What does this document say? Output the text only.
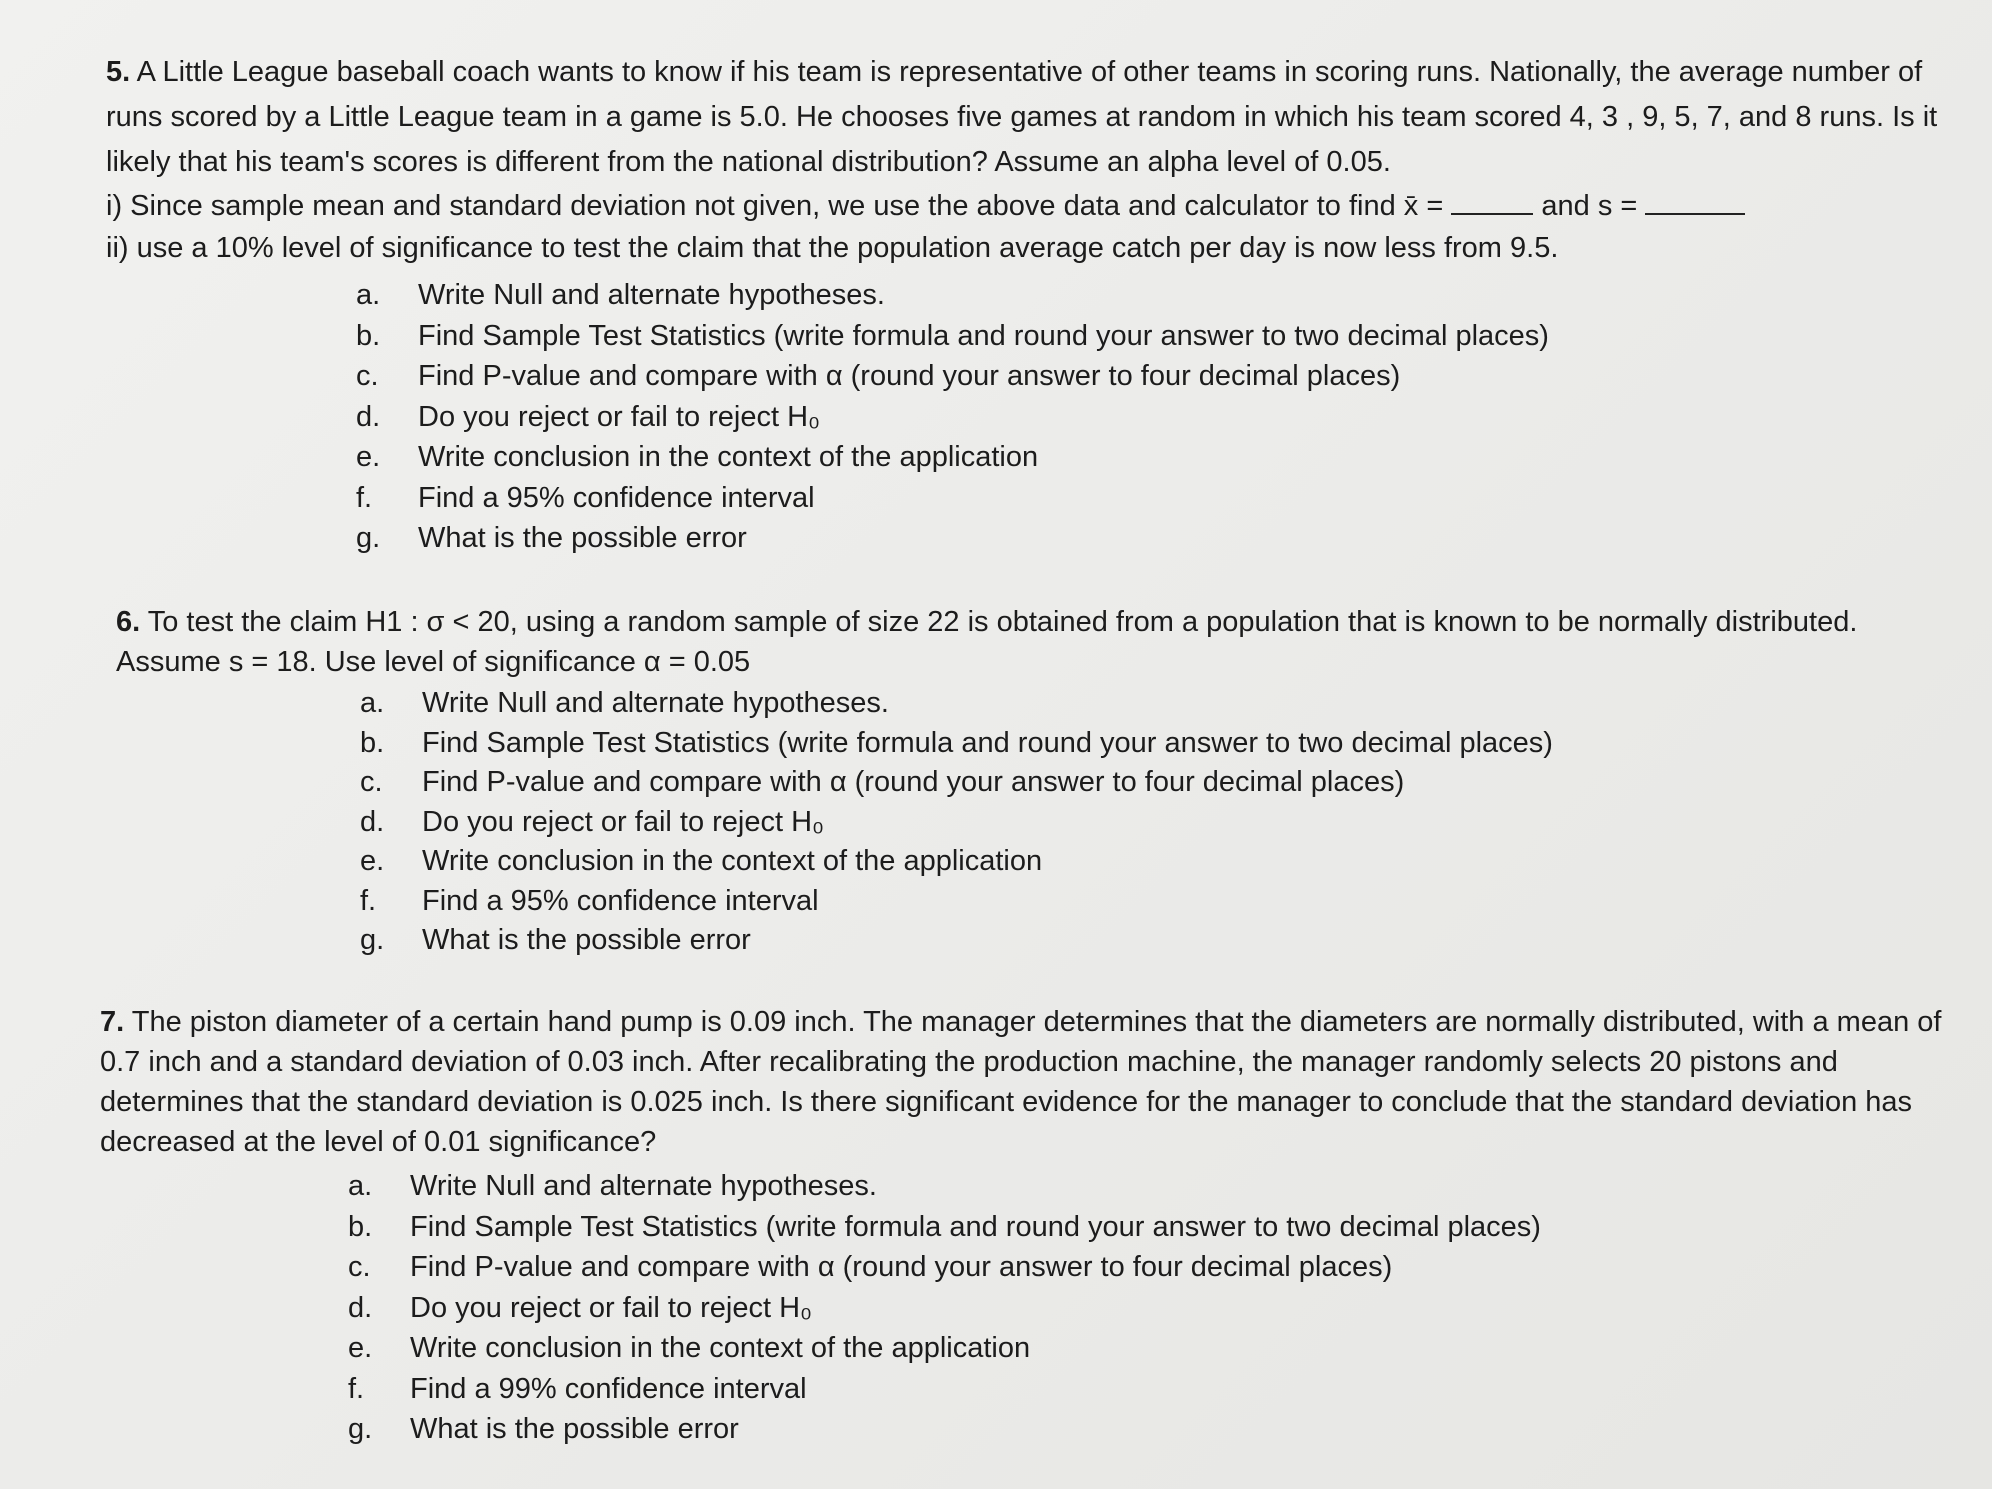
5. A Little League baseball coach wants to know if his team is representative of other teams in scoring runs. Nationally, the average number of runs scored by a Little League team in a game is 5.0. He chooses five games at random in which his team scored 4, 3 , 9, 5, 7, and 8 runs. Is it likely that his team's scores is different from the national distribution? Assume an alpha level of 0.05.

i) Since sample mean and standard deviation not given, we use the above data and calculator to find x̄ =	and s =

ii) use a 10% level of significance to test the claim that the population average catch per day is now less from 9.5.

a.	Write Null and alternate hypotheses.
b.	Find Sample Test Statistics (write formula and round your answer to two decimal places)
c.	Find P-value and compare with α (round your answer to four decimal places)
d.	Do you reject or fail to reject H₀
e.	Write conclusion in the context of the application
f.	Find a 95% confidence interval
g.	What is the possible error

6. To test the claim H1 : σ < 20, using a random sample of size 22 is obtained from a population that is known to be normally distributed. Assume s = 18. Use level of significance α = 0.05

a.	Write Null and alternate hypotheses.
b.	Find Sample Test Statistics (write formula and round your answer to two decimal places)
c.	Find P-value and compare with α (round your answer to four decimal places)
d.	Do you reject or fail to reject H₀
e.	Write conclusion in the context of the application
f.	Find a 95% confidence interval
g.	What is the possible error

7. The piston diameter of a certain hand pump is 0.09 inch. The manager determines that the diameters are normally distributed, with a mean of 0.7 inch and a standard deviation of 0.03 inch. After recalibrating the production machine, the manager randomly selects 20 pistons and determines that the standard deviation is 0.025 inch. Is there significant evidence for the manager to conclude that the standard deviation has decreased at the level of 0.01 significance?

a.	Write Null and alternate hypotheses.
b.	Find Sample Test Statistics (write formula and round your answer to two decimal places)
c.	Find P-value and compare with α (round your answer to four decimal places)
d.	Do you reject or fail to reject H₀
e.	Write conclusion in the context of the application
f.	Find a 99% confidence interval
g.	What is the possible error
